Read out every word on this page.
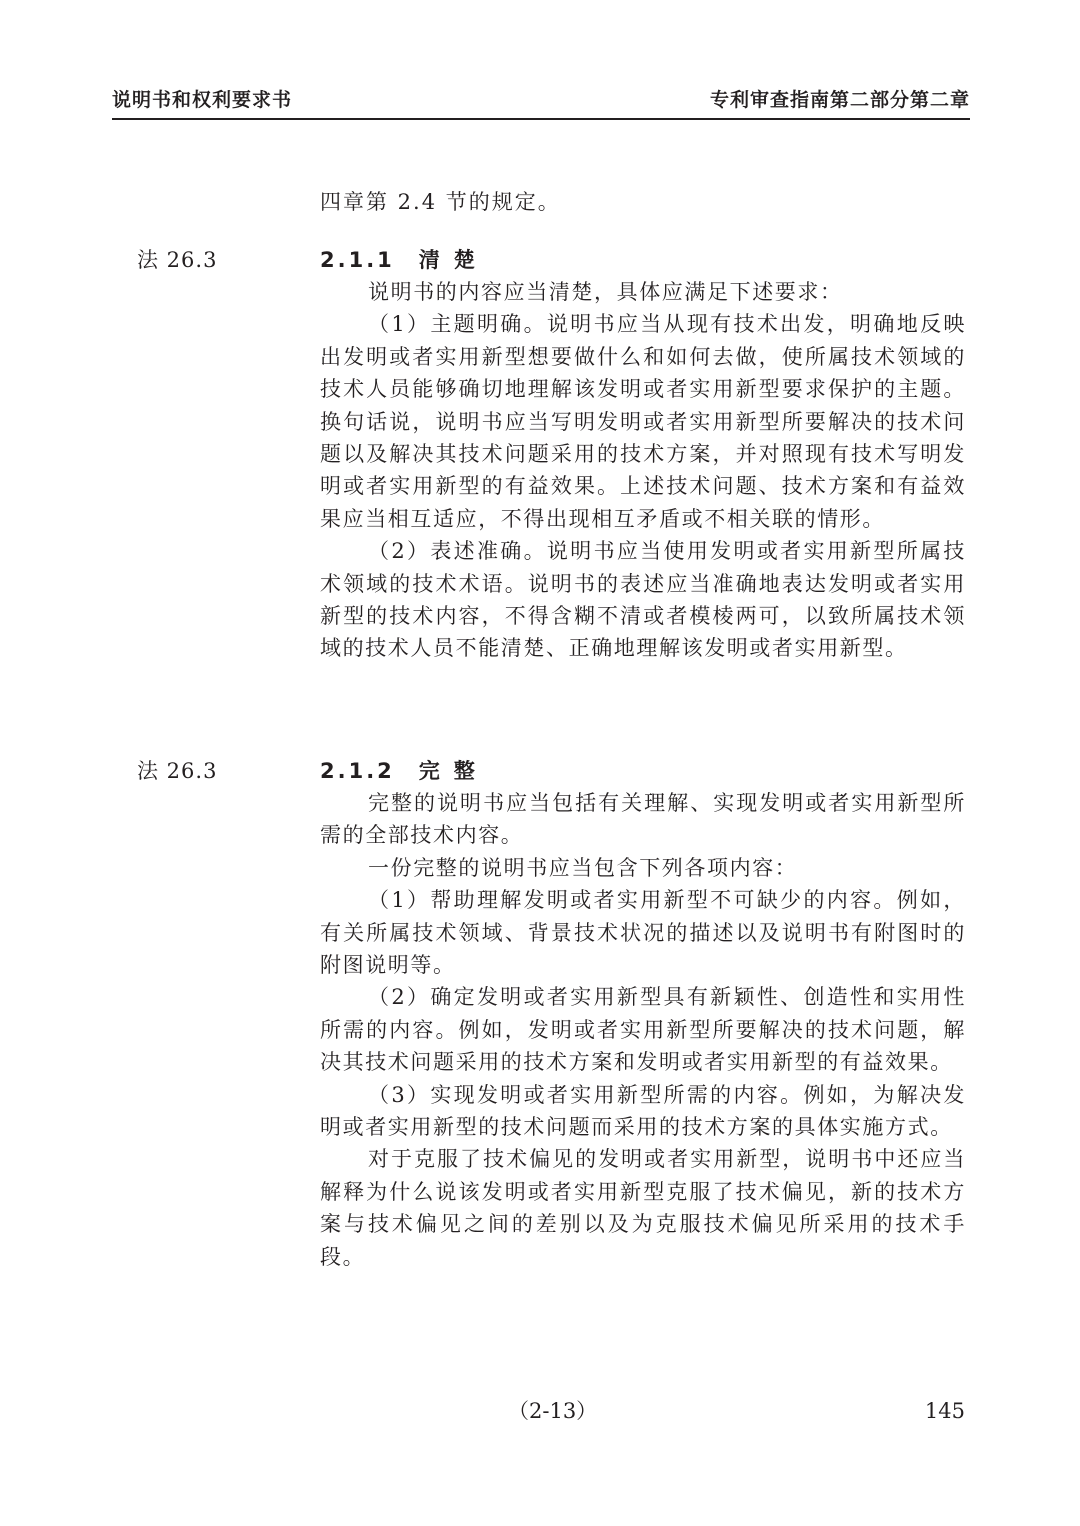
说明书和权利要求书	专利审查指南第二部分第二章

四章第 2.4 节的规定。

法 26.3	2.1.1 清楚

说明书的内容应当清楚，具体应满足下述要求：

（1）主题明确。说明书应当从现有技术出发，明确地反映出发明或者实用新型想要做什么和如何去做，使所属技术领域的技术人员能够确切地理解该发明或者实用新型要求保护的主题。换句话说，说明书应当写明发明或者实用新型所要解决的技术问题以及解决其技术问题采用的技术方案，并对照现有技术写明发明或者实用新型的有益效果。上述技术问题、技术方案和有益效果应当相互适应，不得出现相互矛盾或不相关联的情形。

（2）表述准确。说明书应当使用发明或者实用新型所属技术领域的技术术语。说明书的表述应当准确地表达发明或者实用新型的技术内容，不得含糊不清或者模棱两可，以致所属技术领域的技术人员不能清楚、正确地理解该发明或者实用新型。

法 26.3	2.1.2 完整

完整的说明书应当包括有关理解、实现发明或者实用新型所需的全部技术内容。

一份完整的说明书应当包含下列各项内容：

（1）帮助理解发明或者实用新型不可缺少的内容。例如，有关所属技术领域、背景技术状况的描述以及说明书有附图时的附图说明等。

（2）确定发明或者实用新型具有新颖性、创造性和实用性所需的内容。例如，发明或者实用新型所要解决的技术问题，解决其技术问题采用的技术方案和发明或者实用新型的有益效果。

（3）实现发明或者实用新型所需的内容。例如，为解决发明或者实用新型的技术问题而采用的技术方案的具体实施方式。

对于克服了技术偏见的发明或者实用新型，说明书中还应当解释为什么说该发明或者实用新型克服了技术偏见，新的技术方案与技术偏见之间的差别以及为克服技术偏见所采用的技术手段。

（2-13）	145
